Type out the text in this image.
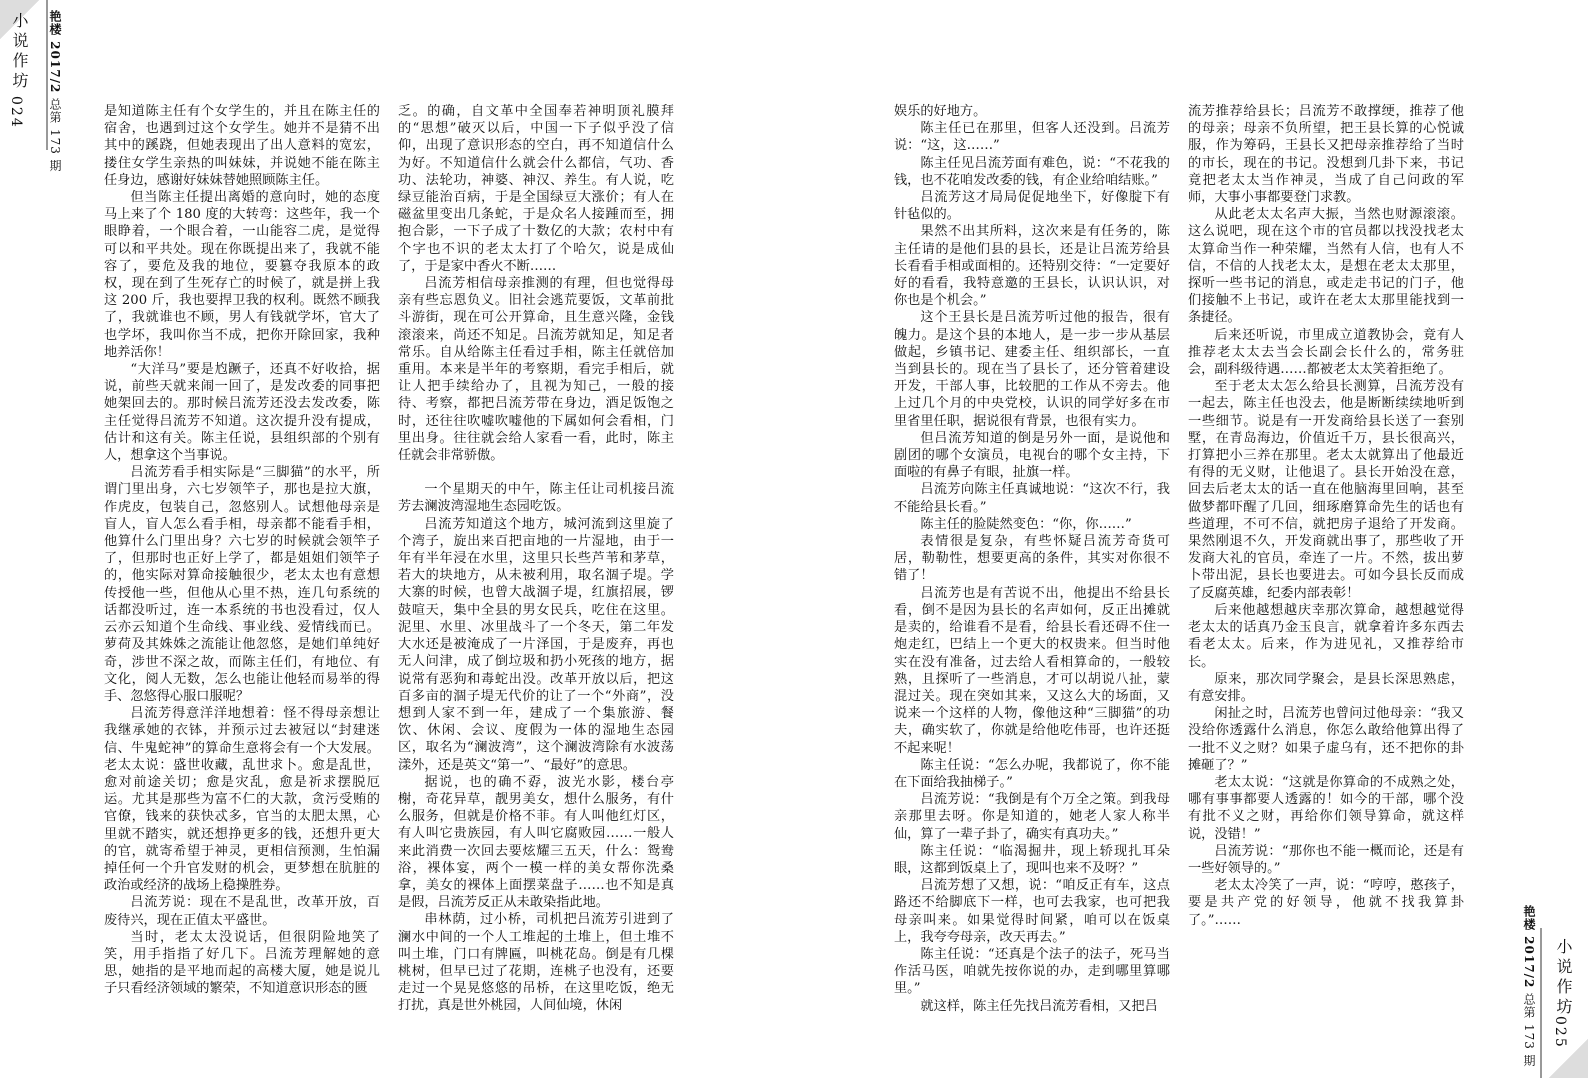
小说作坊
024
艳楼 2017/2 总第 173 期	是知道陈主任有个女学生的，并且在陈主任的宿舍，也遇到过这个女学生。她并不是猜不出其中的蹊跷，但她表现出了出人意料的宽宏，搂住女学生亲热的叫妹妹，并说她不能在陈主任身边，感谢好妹妹替她照顾陈主任。

但当陈主任提出离婚的意向时，她的态度马上来了个 180 度的大转弯：这些年，我一个眼睁着，一个眼合着，一山能容二虎，是觉得可以和平共处。现在你既提出来了，我就不能容了，要危及我的地位，要篡夺我原本的政权，现在到了生死存亡的时候了，就是拼上我这 200 斤，我也要捍卫我的权利。既然不顾我了，我就谁也不顾，男人有钱就学坏，官大了也学坏，我叫你当不成，把你开除回家，我种地养活你！

“大洋马”要是尥蹶子，还真不好收拾，据说，前些天就来闹一回了，是发改委的同事把她架回去的。那时候吕流芳还没去发改委，陈主任觉得吕流芳不知道。这次提升没有提成，估计和这有关。陈主任说，县组织部的个别有人，想拿这个当事说。

吕流芳看手相实际是“三脚猫”的水平，所谓门里出身，六七岁领竿子，那也是拉大旗，作虎皮，包装自己，忽悠别人。试想他母亲是盲人，盲人怎么看手相，母亲都不能看手相，他算什么门里出身？六七岁的时候就会领竿子了，但那时也正好上学了，都是姐姐们领竿子的，他实际对算命接触很少，老太太也有意想传授他一些，但他从心里不热，连几句系统的话都没听过，连一本系统的书也没看过，仅人云亦云知道个生命线、事业线、爱情线而已。萝荷及其姝姝之流能让他忽悠，是她们单纯好奇，涉世不深之故，而陈主任们，有地位、有文化，阅人无数，怎么也能让他轻而易举的得手、忽悠得心服口服呢？

吕流芳得意洋洋地想着：怪不得母亲想让我继承她的衣钵，并预示过去被冠以“封建迷信、牛鬼蛇神”的算命生意将会有一个大发展。老太太说：盛世收藏，乱世求卜。愈是乱世，愈对前途关切；愈是灾乱，愈是祈求摆脱厄运。尤其是那些为富不仁的大款，贪污受贿的官僚，钱来的获快忒多，官当的太肥太黑，心里就不踏实，就还想挣更多的钱，还想升更大的官，就寄希望于神灵，更相信预测，生怕漏掉任何一个升官发财的机会，更梦想在肮脏的政治或经济的战场上稳操胜券。

吕流芳说：现在不是乱世，改革开放，百废待兴，现在正值太平盛世。

当时，老太太没说话，但很阴险地笑了笑，用手指指了好几下。吕流芳理解她的意思，她指的是平地而起的高楼大厦，她是说儿子只看经济领域的繁荣，不知道意识形态的匮

乏。的确，自文革中全国奉若神明顶礼膜拜的“思想”破灭以后，中国一下子似乎没了信仰，出现了意识形态的空白，再不知道信什么为好。不知道信什么就会什么都信，气功、香功、法轮功，神婆、神汉、养生。有人说，吃绿豆能治百病，于是全国绿豆大涨价；有人在磁盆里变出几条蛇，于是众名人接踵而至，拥抱合影，一下子成了十数亿的大款；农村中有个字也不识的老太太打了个哈欠，说是成仙了，于是家中香火不断……

吕流芳相信母亲推测的有理，但也觉得母亲有些忘恩负义。旧社会逃荒要饭，文革前批斗游街，现在可公开算命，且生意兴隆，金钱滚滚来，尚还不知足。吕流芳就知足，知足者常乐。自从给陈主任看过手相，陈主任就倍加重用。本来是半年的考察期，看完手相后，就让人把手续给办了，且视为知己，一般的接待、考察，都把吕流芳带在身边，酒足饭饱之时，还往往吹嘘吹嘘他的下属如何会看相，门里出身。往往就会给人家看一看，此时，陈主任就会非常骄傲。

一个星期天的中午，陈主任让司机接吕流芳去澜波湾湿地生态园吃饭。

吕流芳知道这个地方，城河流到这里旋了个湾子，旋出来百把亩地的一片湿地，由于一年有半年浸在水里，这里只长些芦苇和茅草，若大的块地方，从未被利用，取名涸子堤。学大寨的时候，也曾大战涸子堤，红旗招展，锣鼓喧天，集中全县的男女民兵，吃住在这里。泥里、水里、冰里战斗了一个冬天，第二年发大水还是被淹成了一片泽国，于是废弃，再也无人问津，成了倒垃圾和扔小死孩的地方，据说常有恶狗和毒蛇出没。改革开放以后，把这百多亩的涸子堤无代价的让了一个“外商”，没想到人家不到一年，建成了一个集旅游、餐饮、休闲、会议、度假为一体的湿地生态园区，取名为“澜波湾”，这个澜波湾除有水波荡漾外，还是英文“第一”、“最好”的意思。

据说，也的确不孬，波光水影，楼台亭榭，奇花异草，靓男美女，想什么服务，有什么服务，但就是价格不菲。有人叫他红灯区，有人叫它贵族园，有人叫它腐败园……一般人来此消费一次回去要炫耀三五天，什么：鸳鸯浴，裸体宴，两个一模一样的美女帮你洗桑拿，美女的裸体上面摆菜盘子……也不知是真是假，吕流芳反正从未敢染指此地。

串林荫，过小桥，司机把吕流芳引进到了澜水中间的一个人工堆起的土堆上，但土堆不叫土堆，门口有牌匾，叫桃花岛。倒是有几棵桃树，但早已过了花期，连桃子也没有，还要走过一个晃晃悠悠的吊桥，在这里吃饭，绝无打扰，真是世外桃园，人间仙境，休闲

娱乐的好地方。

陈主任已在那里，但客人还没到。吕流芳说：“这，这……”

陈主任见吕流芳面有难色，说：“不花我的钱，也不花咱发改委的钱，有企业给咱结账。”

吕流芳这才局局促促地坐下，好像腚下有针毡似的。

果然不出其所料，这次来是有任务的，陈主任请的是他们县的县长，还是让吕流芳给县长看看手相或面相的。还特别交待：“一定要好好的看看，我特意邀的王县长，认识认识，对你也是个机会。”

这个王县长是吕流芳听过他的报告，很有魄力。是这个县的本地人，是一步一步从基层做起，乡镇书记、建委主任、组织部长，一直当到县长的。现在当了县长了，还分管着建设开发，干部人事，比较肥的工作从不旁去。他上过几个月的中央党校，认识的同学好多在市里省里任职，据说很有背景，也很有实力。

但吕流芳知道的倒是另外一面，是说他和剧团的哪个女演员，电视台的哪个女主持，下面啦的有鼻子有眼，扯旗一样。

吕流芳向陈主任真诚地说：“这次不行，我不能给县长看。”

陈主任的脸陡然变色：“你，你……”

表情很是复杂，有些怀疑吕流芳奇货可居，勒勒性，想要更高的条件，其实对你很不错了！

吕流芳也是有苦说不出，他提出不给县长看，倒不是因为县长的名声如何，反正出摊就是卖的，给谁看不是看，给县长看还碍不住一炮走红，巴结上一个更大的权贵来。但当时他实在没有准备，过去给人看相算命的，一般较熟，且探听了一些消息，才可以胡说八扯，蒙混过关。现在突如其来，又这么大的场面，又说来一个这样的人物，像他这种“三脚猫”的功夫，确实软了，你就是给他吃伟哥，也许还挺不起来呢！

陈主任说：“怎么办呢，我都说了，你不能在下面给我抽梯子。”

吕流芳说：“我倒是有个万全之策。到我母亲那里去呀。你是知道的，她老人家人称半仙，算了一辈子卦了，确实有真功夫。”

陈主任说：“临渴掘井，现上轿现扎耳朵眼，这都到饭桌上了，现叫也来不及呀？”

吕流芳想了又想，说：“咱反正有车，这点路还不给脚底下一样，也可去我家，也可把我母亲叫来。如果觉得时间紧，咱可以在饭桌上，我夸夸母亲，改天再去。”

陈主任说：“还真是个法子的法子，死马当作活马医，咱就先按你说的办，走到哪里算哪里。”

就这样，陈主任先找吕流芳看相，又把吕

流芳推荐给县长；吕流芳不敢撑绠，推荐了他的母亲；母亲不负所望，把王县长算的心悦诚服，作为筹码，王县长又把母亲推荐给了当时的市长，现在的书记。没想到几卦下来，书记竟把老太太当作神灵，当成了自己问政的军师，大事小事都要登门求教。

从此老太太名声大振，当然也财源滚滚。这么说吧，现在这个市的官员都以找没找老太太算命当作一种荣耀，当然有人信，也有人不信，不信的人找老太太，是想在老太太那里，探听一些书记的消息，或走走书记的门子，他们接触不上书记，或许在老太太那里能找到一条捷径。

后来还听说，市里成立道教协会，竟有人推荐老太太去当会长副会长什么的，常务驻会，副科级待遇……都被老太太笑着拒绝了。

至于老太太怎么给县长测算，吕流芳没有一起去，陈主任也没去，他是断断续续地听到一些细节。说是有一开发商给县长送了一套别墅，在青岛海边，价值近千万，县长很高兴，打算把小三养在那里。老太太就算出了他最近有得的无义财，让他退了。县长开始没在意，回去后老太太的话一直在他脑海里回响，甚至做梦都吓醒了几回，细琢磨算命先生的话也有些道理，不可不信，就把房子退给了开发商。果然刚退不久，开发商就出事了，那些收了开发商大礼的官员，牵连了一片。不然，拔出萝卜带出泥，县长也要进去。可如今县长反而成了反腐英雄，纪委内部表彰！

后来他越想越庆幸那次算命，越想越觉得老太太的话真乃金玉良言，就拿着许多东西去看老太太。后来，作为进见礼，又推荐给市长。

原来，那次同学聚会，是县长深思熟虑，有意安排。

闲扯之时，吕流芳也曾问过他母亲：“我又没给你透露什么消息，你怎么敢给他算出得了一批不义之财？如果子虚乌有，还不把你的卦摊砸了？”

老太太说：“这就是你算命的不成熟之处，哪有事事都要人透露的！如今的干部，哪个没有批不义之财，再给你们领导算命，就这样说，没错！”

吕流芳说：“那你也不能一概而论，还是有一些好领导的。”

老太太冷笑了一声，说：“哼哼，憨孩子，要是共产党的好领导，他就不找我算卦了。”……	艳楼 2017/2 总第 173 期
小说作坊
025
